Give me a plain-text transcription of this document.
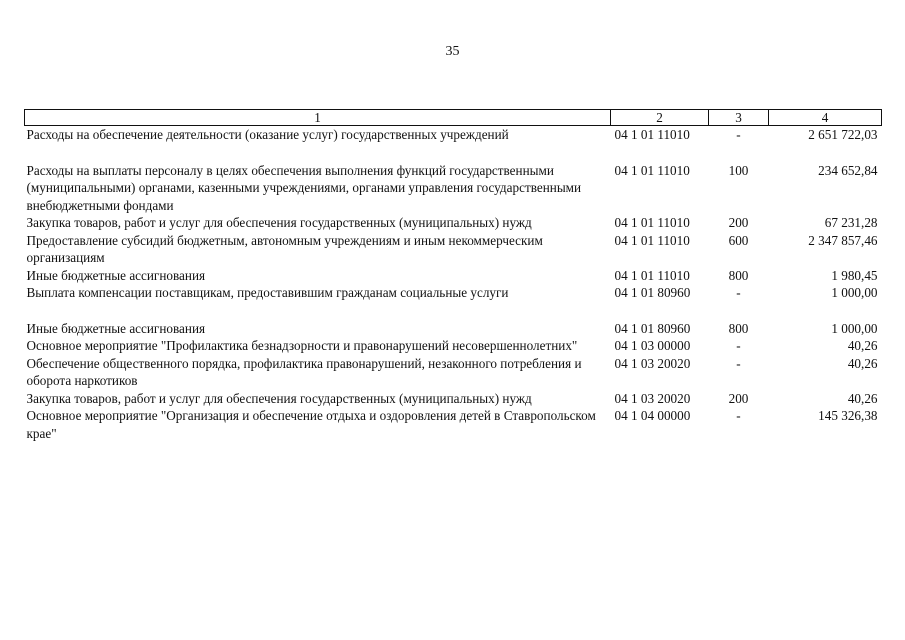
35
1	2	3	4
Расходы на обеспечение деятельности (оказание услуг) государственных учреждений	04 1 01 11010	-	2 651 722,03

Расходы на выплаты персоналу в целях обеспечения выполнения функций государственными (муниципальными) органами, казенными учреждениями, органами управления государственными внебюджетными фондами	04 1 01 11010	100	234 652,84
Закупка товаров, работ и услуг для обеспечения государственных (муниципальных) нужд	04 1 01 11010	200	67 231,28
Предоставление субсидий бюджетным, автономным учреждениям и иным некоммерческим организациям	04 1 01 11010	600	2 347 857,46
Иные бюджетные ассигнования	04 1 01 11010	800	1 980,45
Выплата компенсации поставщикам, предоставившим гражданам социальные услуги	04 1 01 80960	-	1 000,00

Иные бюджетные ассигнования	04 1 01 80960	800	1 000,00
Основное мероприятие "Профилактика безнадзорности и правонарушений несовершеннолетних"	04 1 03 00000	-	40,26
Обеспечение общественного порядка, профилактика правонарушений, незаконного потребления и оборота наркотиков	04 1 03 20020	-	40,26
Закупка товаров, работ и услуг для обеспечения государственных (муниципальных) нужд	04 1 03 20020	200	40,26
Основное мероприятие "Организация и обеспечение отдыха и оздоровления детей в Ставропольском крае"	04 1 04 00000	-	145 326,38
